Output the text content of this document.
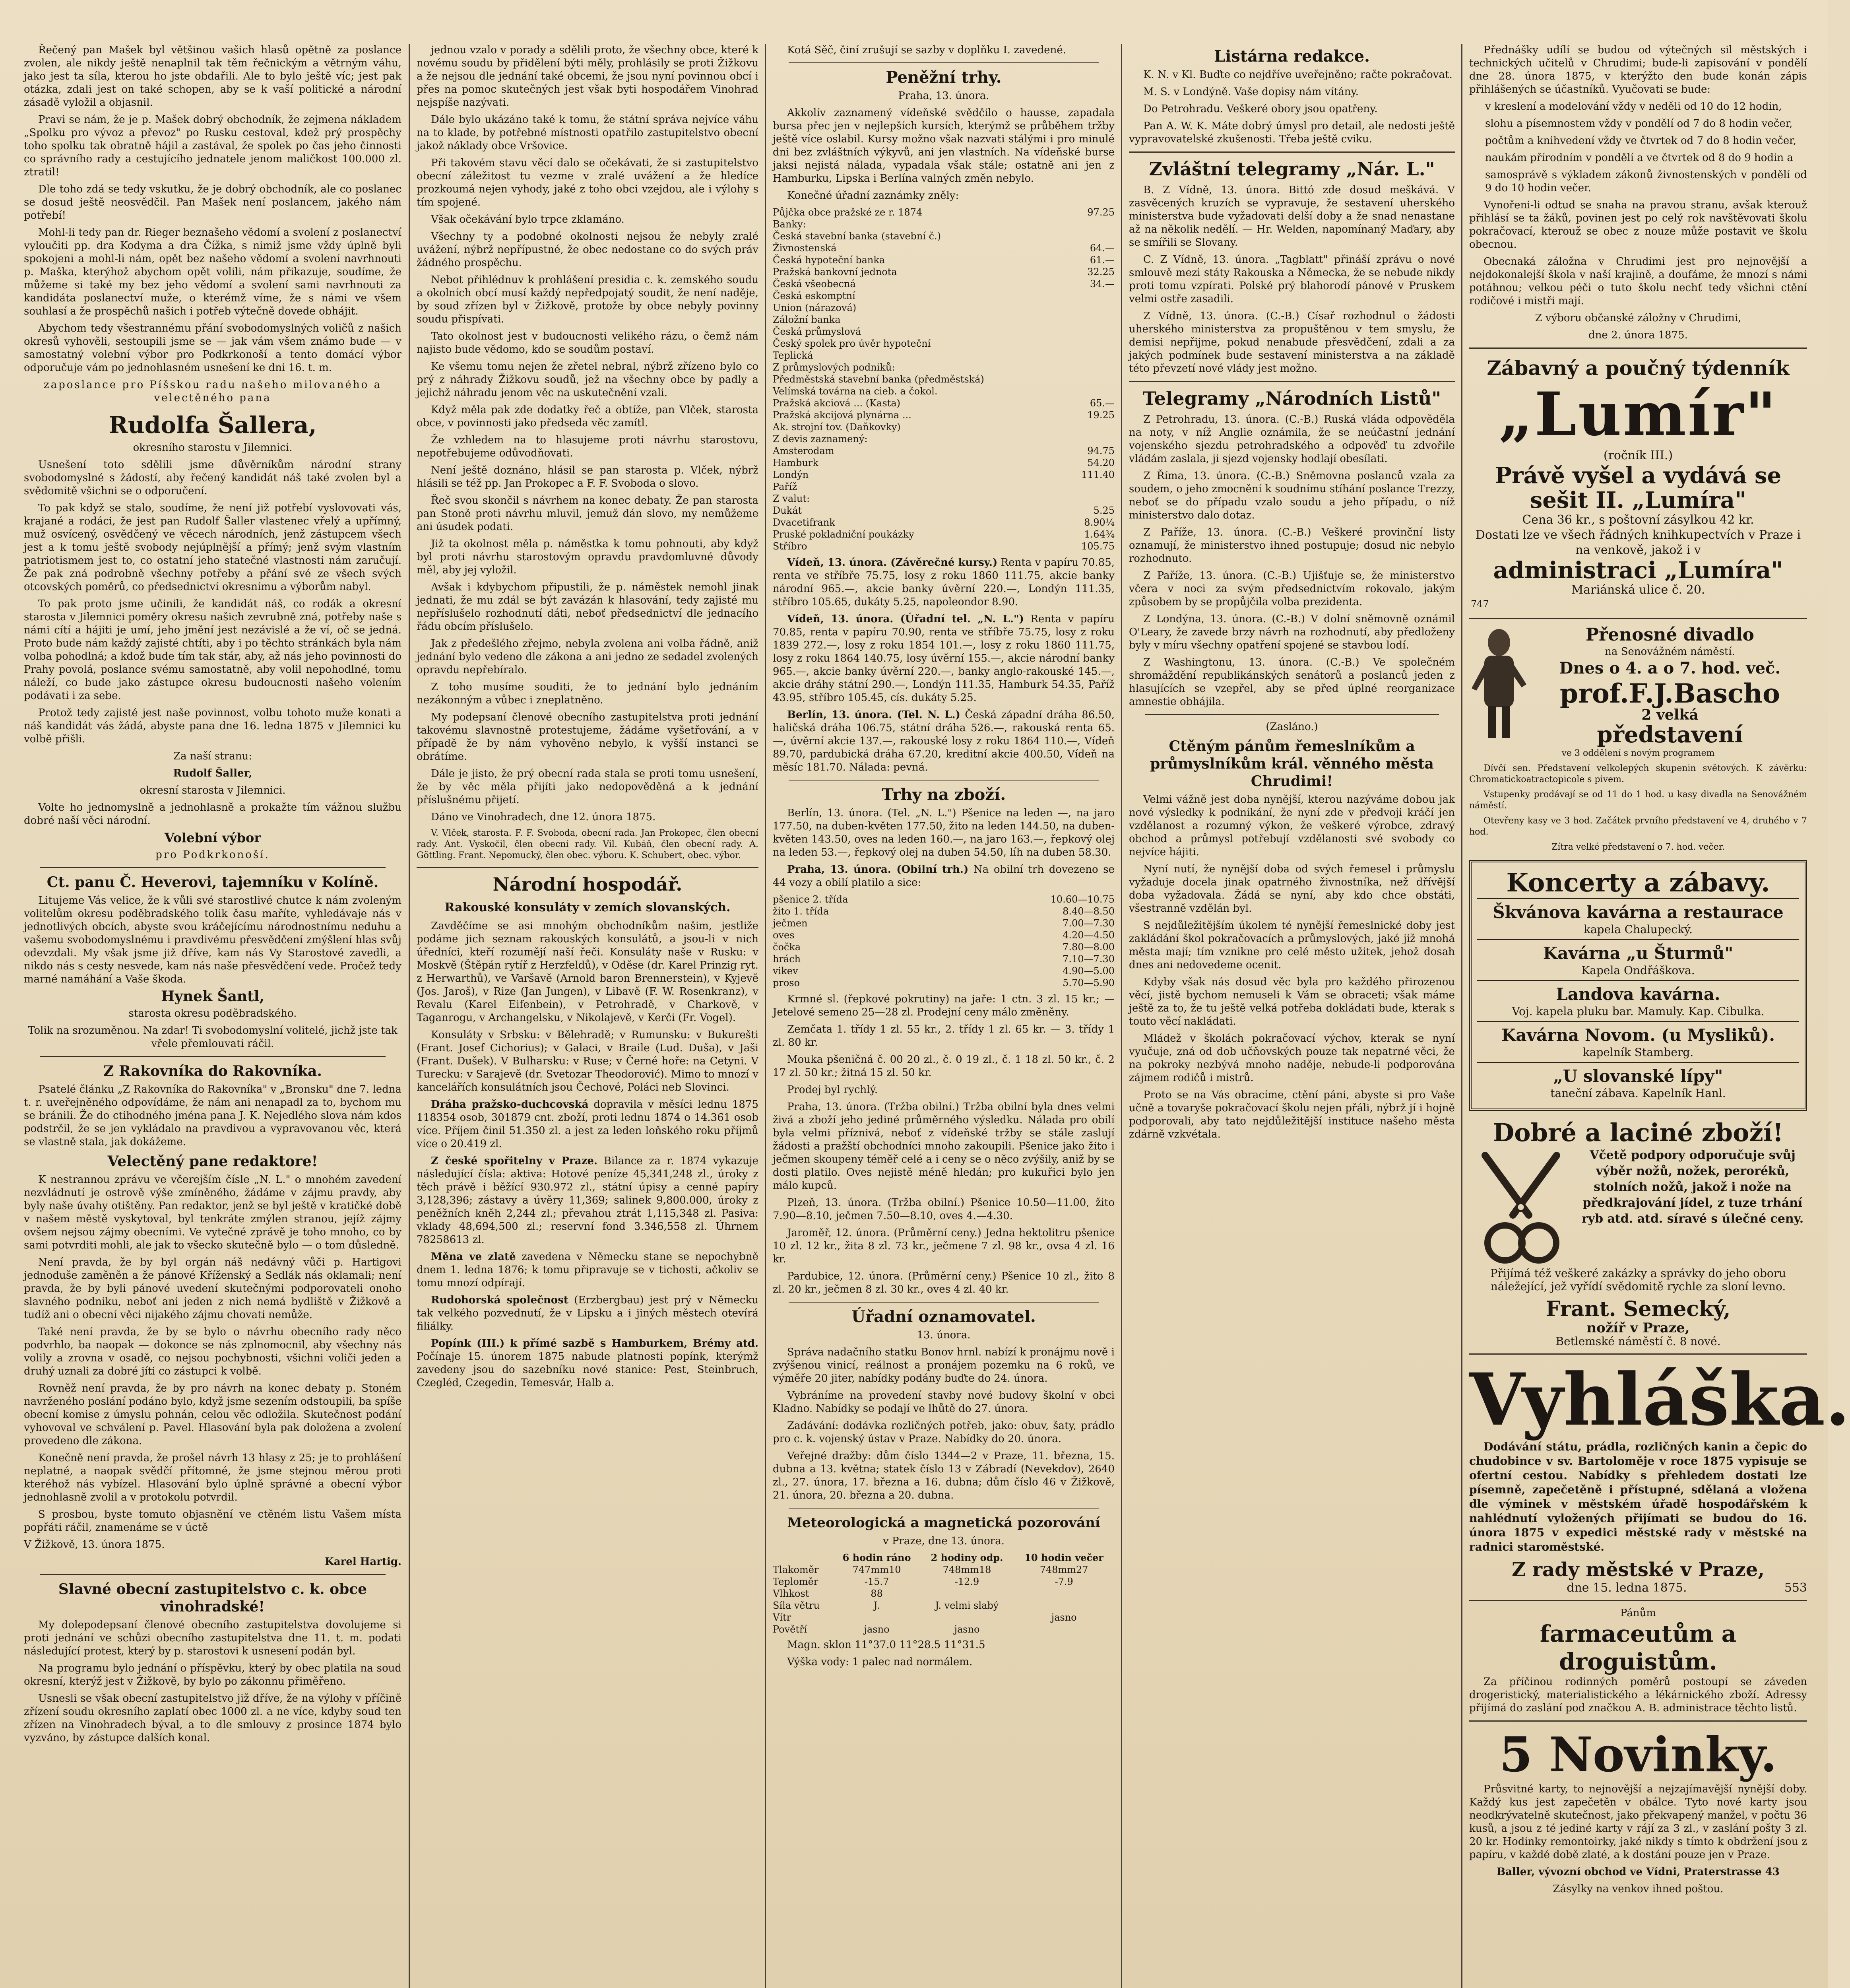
Řečený pan Mašek byl většinou vašich hlasů opětně za poslance zvolen, ale nikdy ještě nenaplnil tak těm řečnickým a větrným váhu, jako jest ta síla, kterou ho jste obdařili. Ale to bylo ještě víc; jest pak otázka, zdali jest on také schopen, aby se k vaší politické a národní zásadě vyložil a objasnil.

Pravi se nám, že je p. Mašek dobrý obchodník, že zejmena nákladem „Spolku pro vývoz a převoz" po Rusku cestoval, kdež prý prospěchy toho spolku tak obratně hájil a zastával, že spolek po čas jeho činnosti co správního rady a cestujícího jednatele jenom maličkost 100.000 zl. ztratil!

Dle toho zdá se tedy vskutku, že je dobrý obchodník, ale co poslanec se dosud ještě neosvědčil. Pan Mašek není poslancem, jakého nám potřebí!

Mohl-li tedy pan dr. Rieger beznašeho vědomí a svolení z poslanectví vyloučiti pp. dra Kodyma a dra Čížka, s nimiž jsme vždy úplně byli spokojeni a mohl-li nám, opět bez našeho vědomí a svolení navrhnouti p. Maška, kterýhož abychom opět volili, nám přikazuje, soudíme, že můžeme si také my bez jeho vědomí a svolení sami navrhnouti za kandidáta poslanectví muže, o kterémž víme, že s námi ve všem souhlasí a že prospěchů našich i potřeb výtečně dovede obhájit.

Abychom tedy všestrannému přání svobodomyslných voličů z našich okresů vyhověli, sestoupili jsme se — jak vám všem známo bude — v samostatný volební výbor pro Podkrkonoší a tento domácí výbor odporučuje vám po jednohlasném usnešení ke dni 16. t. m.

zaposlance pro Píšskou radu našeho milovaného a velectěného pana

Rudolfa Šallera,

okresního starostu v Jilemnici.

Usnešení toto sdělili jsme důvěrníkům národní strany svobodomyslné s žádostí, aby řečený kandidát náš také zvolen byl a svědomitě všichni se o odporučení.

To pak když se stalo, soudíme, že není již potřebí vyslovovati vás, krajané a rodáci, že jest pan Rudolf Šaller vlastenec vřelý a upřímný, muž osvícený, osvědčený ve věcech národních, jenž zástupcem všech jest a k tomu ještě svobody nejúplnější a přímý; jenž svým vlastním patriotismem jest to, co ostatní jeho statečné vlastnosti nám zaručují. Že pak zná podrobně všechny potřeby a přání své ze všech svých otcovských poměrů, co předsednictví okresnímu a výborům nabyl.

To pak proto jsme učinili, že kandidát náš, co rodák a okresní starosta v Jilemnici poměry okresu našich zevrubně zná, potřeby naše s námi cítí a hájiti je umí, jeho jmění jest nezávislé a že ví, oč se jedná. Proto bude nám každý zajisté chtíti, aby i po těchto stránkách byla nám volba pohodlná; a kdož bude tím tak stár, aby, až nás jeho povinnosti do Prahy povolá, poslance svému samostatně, aby volil nepohodlné, tomu náleží, co bude jako zástupce okresu budoucnosti našeho volením podávati i za sebe.

Protož tedy zajisté jest naše povinnost, volbu tohoto muže konati a náš kandidát vás žádá, abyste pana dne 16. ledna 1875 v Jilemnici ku volbě přišli.

Za naší stranu:

Rudolf Šaller,

okresní starosta v Jilemnici.

Volte ho jednomyslně a jednohlasně a prokažte tím vážnou službu dobré naší věci národní.

Volební výbor

pro Podkrkonoší.

Ct. panu Č. Heverovi, tajemníku v Kolíně.

Litujeme Vás velice, že k vůli své starostlivé chutce k nám zvoleným volitelům okresu poděbradského tolik času maříte, vyhledávaje nás v jednotlivých obcích, abyste svou kráčejícímu národnostnímu neduhu a vašemu svobodomyslnému i pravdivému přesvědčení zmýšlení hlas svůj odevzdali. My však jsme již dříve, kam nás Vy Starostové zavedli, a nikdo nás s cesty nesvede, kam nás naše přesvědčení vede. Pročež tedy marné namáhání a Vaše škoda.

Hynek Šantl,

starosta okresu poděbradského.

Tolik na srozuměnou. Na zdar! Ti svobodomyslní volitelé, jichž jste tak vřele přemlouvati ráčil.

Z Rakovníka do Rakovníka.

Psatelé článku „Z Rakovníka do Rakovníka" v „Bronsku" dne 7. ledna t. r. uveřejněného odpovídáme, že nám ani nenapadl za to, bychom mu se bránili. Že do ctihodného jména pana J. K. Nejedlého slova nám kdos podstrčil, že se jen vykládalo na pravdivou a vypravovanou věc, která se vlastně stala, jak dokážeme.

Velectěný pane redaktore!

K nestrannou zprávu ve včerejším čísle „N. L." o mnohém zavedení nezvládnutí je ostrově výše zmíněného, žádáme v zájmu pravdy, aby byly naše úvahy otištěny. Pan redaktor, jenž se byl ještě v kratičké době v našem městě vyskytoval, byl tenkráte zmýlen stranou, jejíž zájmy ovšem nejsou zájmy obecními. Ve vytečné zprávě je toho mnoho, co by sami potvrditi mohli, ale jak to všecko skutečně bylo — o tom důsledně.

Není pravda, že by byl orgán náš nedávný vůči p. Hartigovi jednoduše zaměněn a že pánové Kříženský a Sedlák nás oklamali; není pravda, že by byli pánové uvedení skutečnými podporovateli onoho slavného podniku, neboť ani jeden z nich nemá bydliště v Žižkově a tudíž ani o obecní věci nijakého zájmu chovati nemůže.

Také není pravda, že by se bylo o návrhu obecního rady něco podvrhlo, ba naopak — dokonce se nás zplnomocnil, aby všechny nás volily a zrovna v osadě, co nejsou pochybnosti, všichni voliči jeden a druhý uznali za dobré jíti co zástupci k volbě.

Rovněž není pravda, že by pro návrh na konec debaty p. Stoném navrženého poslání podáno bylo, když jsme sezením odstoupili, ba spíše obecní komise z úmyslu pohnán, celou věc odložila. Skutečnost podání vyhovoval ve schválení p. Pavel. Hlasování byla pak doložena a zvolení provedeno dle zákona.

Konečně není pravda, že prošel návrh 13 hlasy z 25; je to prohlášení neplatné, a naopak svědčí přítomné, že jsme stejnou měrou proti kteréhož nás vybízel. Hlasování bylo úplně správné a obecní výbor jednohlasně zvolil a v protokolu potvrdil.

S prosbou, byste tomuto objasnění ve ctěném listu Vašem místa popřáti ráčil, znamenáme se v úctě

V Žižkově, 13. února 1875.

Karel Hartig.

Slavné obecní zastupitelstvo c. k. obce vinohradské!

My dolepodepsaní členové obecního zastupitelstva dovolujeme si proti jednání ve schůzi obecního zastupitelstva dne 11. t. m. podati následující protest, který by p. starostovi k usnesení podán byl.

Na programu bylo jednání o příspěvku, který by obec platila na soud okresní, kterýž jest v Žižkově, by bylo po zákonnu přiměřeno.

Usnesli se však obecní zastupitelstvo již dříve, že na výlohy v příčině zřízení soudu okresního zaplatí obec 1000 zl. a ne více, kdyby soud ten zřízen na Vinohradech býval, a to dle smlouvy z prosince 1874 bylo vyzváno, by zástupce dalších konal.

jednou vzalo v porady a sdělili proto, že všechny obce, které k novému soudu by přidělení býti měly, prohlásily se proti Žižkovu a že nejsou dle jednání také obcemi, že jsou nyní povinnou obcí i přes na pomoc skutečných jest však byti hospodářem Vinohrad nejspíše nazývati.

Dále bylo ukázáno také k tomu, že státní správa nejvíce váhu na to klade, by potřebné místnosti opatřilo zastupitelstvo obecní jakož náklady obce Vršovice.

Při takovém stavu věcí dalo se očekávati, že si zastupitelstvo obecní záležitost tu vezme v zralé uvážení a že hledíce prozkoumá nejen vyhody, jaké z toho obci vzejdou, ale i výlohy s tím spojené.

Však očekávání bylo trpce zklamáno.

Všechny ty a podobné okolnosti nejsou že nebyly zralé uvážení, nýbrž nepřípustné, že obec nedostane co do svých práv žádného prospěchu.

Nebot přihlédnuv k prohlášení presidia c. k. zemského soudu a okolních obcí musí každý nepředpojatý soudit, že není naděje, by soud zřízen byl v Žižkově, protože by obce nebyly povinny soudu přispívati.

Tato okolnost jest v budoucnosti velikého rázu, o čemž nám najisto bude vědomo, kdo se soudům postaví.

Ke všemu tomu nejen že zřetel nebral, nýbrž zřízeno bylo co prý z náhrady Žižkovu soudů, jež na všechny obce by padly a jejichž náhradu jenom věc na uskutečnění vzali.

Když měla pak zde dodatky řeč a obtíže, pan Vlček, starosta obce, v povinnosti jako předseda věc zamítl.

Že vzhledem na to hlasujeme proti návrhu starostovu, nepotřebujeme odůvodňovati.

Není ještě doznáno, hlásil se pan starosta p. Vlček, nýbrž hlásili se též pp. Jan Prokopec a F. F. Svoboda o slovo.

Řeč svou skončil s návrhem na konec debaty. Že pan starosta pan Stoně proti návrhu mluvil, jemuž dán slovo, my nemůžeme ani úsudek podati.

Již ta okolnost měla p. náměstka k tomu pohnouti, aby když byl proti návrhu starostovým opravdu pravdomluvné důvody měl, aby jej vyložil.

Avšak i kdybychom připustili, že p. náměstek nemohl jinak jednati, že mu zdál se být zavázán k hlasování, tedy zajisté mu nepříslušelo rozhodnutí dáti, neboť předsednictví dle jednacího řádu obcím příslušelo.

Jak z předešlého zřejmo, nebyla zvolena ani volba řádně, aniž jednání bylo vedeno dle zákona a ani jedno ze sedadel zvolených opravdu nepřebíralo.

Z toho musíme souditi, že to jednání bylo jednáním nezákonným a vůbec i zneplatněno.

My podepsaní členové obecního zastupitelstva proti jednání takovému slavnostně protestujeme, žádáme vyšetřování, a v případě že by nám vyhověno nebylo, k vyšší instanci se obrátíme.

Dále je jisto, že prý obecní rada stala se proti tomu usnešení, že by věc měla přijíti jako nedopověděná a k jednání příslušnému přijetí.

Dáno ve Vinohradech, dne 12. února 1875.

V. Vlček, starosta. F. F. Svoboda, obecní rada. Jan Prokopec, člen obecní rady. Ant. Vyskočil, člen obecní rady. Vil. Kubáň, člen obecní rady. A. Göttling. Frant. Nepomucký, člen obec. výboru. K. Schubert, obec. výbor.

Národní hospodář.
Rakouské konsuláty v zemích slovanských.

Zavděčíme se asi mnohým obchodníkům našim, jestliže podáme jich seznam rakouských konsulátů, a jsou-li v nich úředníci, kteří rozumějí naší řeči. Konsuláty naše v Rusku: v Moskvě (Štěpán rytíř z Herzfeldů), v Oděse (dr. Karel Prinzig ryt. z Herwarthů), ve Varšavě (Arnold baron Brennerstein), v Kyjevě (Jos. Jaroš), v Rize (Jan Jungen), v Libavě (F. W. Rosenkranz), v Revalu (Karel Eifenbein), v Petrohradě, v Charkově, v Taganrogu, v Archangelsku, v Nikolajevě, v Kerči (Fr. Vogel).

Konsuláty v Srbsku: v Bělehradě; v Rumunsku: v Bukurešti (Frant. Josef Cichorius); v Galaci, v Braile (Lud. Duša), v Jaši (Frant. Dušek). V Bulharsku: v Ruse; v Černé hoře: na Cetyni. V Turecku: v Sarajevě (dr. Svetozar Theodorović). Mimo to mnozí v kancelářích konsulátních jsou Čechové, Poláci neb Slovinci.

Dráha pražsko-duchcovská dopravila v měsíci lednu 1875 118354 osob, 301879 cnt. zboží, proti lednu 1874 o 14.361 osob více. Příjem činil 51.350 zl. a jest za leden loňského roku příjmů více o 20.419 zl.

Z české spořitelny v Praze. Bilance za r. 1874 vykazuje následující čísla: aktiva: Hotové peníze 45,341,248 zl., úroky z těch právě i běžící 930.972 zl., státní úpisy a cenné papíry 3,128,396; zástavy a úvěry 11,369; salinek 9,800.000, úroky z peněžních kněh 2,244 zl.; převahou ztrát 1,115,348 zl. Pasiva: vklady 48,694,500 zl.; reservní fond 3.346,558 zl. Úhrnem 78258613 zl.

Měna ve zlatě zavedena v Německu stane se nepochybně dnem 1. ledna 1876; k tomu připravuje se v tichosti, ačkoliv se tomu mnozí odpírají.

Rudohorská společnost (Erzbergbau) jest prý v Německu tak velkého pozvednutí, že v Lipsku a i jiných městech otevírá filiálky.

Popínk (III.) k přímé sazbě s Hamburkem, Brémy atd. Počínaje 15. únorem 1875 nabude platnosti popínk, kterýmž zavedeny jsou do sazebníku nové stanice: Pest, Steinbruch, Czegléd, Czegedin, Temesvár, Halb a.

Kotá Sěč, činí zrušují se sazby v doplňku I. zavedené.

Peněžní trhy.

Praha, 13. února.

Akkolív zaznamený vídeňské svědčilo o hausse, zapadala bursa přec jen v nejlepších kursích, kterýmž se průběhem tržby ještě více oslabil. Kursy možno však nazvati stálými i pro minulé dni bez zvláštních výkyvů, ani jen vlastních. Na vídeňské burse jaksi nejistá nálada, vypadala však stále; ostatně ani jen z Hamburku, Lipska i Berlína valných změn nebylo.

Konečné úřadní zaznámky zněly:

Půjčka obce pražské ze r. 1874	97.25
Banky:	
Česká stavební banka (stavební č.)	
Živnostenská	64.—
Česká hypoteční banka	61.—
Pražská bankovní jednota	32.25
Česká všeobecná	34.—
Česká eskomptní	
Union (nárazová)	
Záložní banka	
Česká průmyslová	
Český spolek pro úvěr hypoteční	
Teplická	
Z průmyslových podniků:	
Předměstská stavební banka (předměstská)	
Velímská továrna na cieb. a čokol.	
Pražská akciová ... (Kasta)	65.—
Pražská akcijová plynárna ...	19.25
Ak. strojní tov. (Daňkovky)	
Z devis zaznamený:	
Amsterodam	94.75
Hamburk	54.20
Londýn	111.40
Paříž	
Z valut:	
Dukát	5.25
Dvacetifrank	8.90¼
Pruské pokladniční poukázky	1.64¾
Stříbro	105.75

Vídeň, 13. února. (Závěrečné kursy.) Renta v papíru 70.85, renta ve stříbře 75.75, losy z roku 1860 111.75, akcie banky národní 965.—, akcie banky úvěrní 220.—, Londýn 111.35, stříbro 105.65, dukáty 5.25, napoleondor 8.90.

Vídeň, 13. února. (Úřadní tel. „N. L.") Renta v papíru 70.85, renta v papíru 70.90, renta ve stříbře 75.75, losy z roku 1839 272.—, losy z roku 1854 101.—, losy z roku 1860 111.75, losy z roku 1864 140.75, losy úvěrní 155.—, akcie národní banky 965.—, akcie banky úvěrní 220.—, banky anglo-rakouské 145.—, akcie dráhy státní 290.—, Londýn 111.35, Hamburk 54.35, Paříž 43.95, stříbro 105.45, cís. dukáty 5.25.

Berlín, 13. února. (Tel. N. L.) Česká západní dráha 86.50, haličská dráha 106.75, státní dráha 526.—, rakouská renta 65.—, úvěrní akcie 137.—, rakouské losy z roku 1864 110.—, Vídeň 89.70, pardubická dráha 67.20, kreditní akcie 400.50, Vídeň na měsíc 181.70. Nálada: pevná.

Trhy na zboží.

Berlín, 13. února. (Tel. „N. L.") Pšenice na leden —, na jaro 177.50, na duben-květen 177.50, žito na leden 144.50, na duben-květen 143.50, oves na leden 160.—, na jaro 163.—, řepkový olej na leden 53.—, řepkový olej na duben 54.50, líh na duben 58.30.

Praha, 13. února. (Obilní trh.) Na obilní trh dovezeno se 44 vozy a obilí platilo a sice:

pšenice 2. třída	10.60—10.75
žito 1. třída	8.40—8.50
ječmen	7.00—7.30
oves	4.20—4.50
čočka	7.80—8.00
hrách	7.10—7.30
vikev	4.90—5.00
proso	5.70—5.90

Krmné sl. (řepkové pokrutiny) na jaře: 1 ctn. 3 zl. 15 kr.; — Jetelové semeno 25—28 zl. Prodejní ceny málo změněny.

Zemčata 1. třídy 1 zl. 55 kr., 2. třídy 1 zl. 65 kr. — 3. třídy 1 zl. 80 kr.

Mouka pšeničná č. 00 20 zl., č. 0 19 zl., č. 1 18 zl. 50 kr., č. 2 17 zl. 50 kr.; žitná 15 zl. 50 kr.

Prodej byl rychlý.

Praha, 13. února. (Tržba obilní.) Tržba obilní byla dnes velmi živá a zboží jeho jediné průměrného výsledku. Nálada pro obilí byla velmi příznivá, neboť z vídeňské tržby se stále zaslují žádosti a pražští obchodníci mnoho zakoupili. Pšenice jako žito i ječmen skoupeny téměř celé a i ceny se o něco zvýšily, aniž by se dosti platilo. Oves nejistě méně hledán; pro kukuřici bylo jen málo kupců.

Plzeň, 13. února. (Tržba obilní.) Pšenice 10.50—11.00, žito 7.90—8.10, ječmen 7.50—8.10, oves 4.—4.30.

Jaroměř, 12. února. (Průměrní ceny.) Jedna hektolitru pšenice 10 zl. 12 kr., žita 8 zl. 73 kr., ječmene 7 zl. 98 kr., ovsa 4 zl. 16 kr.

Pardubice, 12. února. (Průměrní ceny.) Pšenice 10 zl., žito 8 zl. 20 kr., ječmen 8 zl. 30 kr., oves 4 zl. 40 kr.

Úřadní oznamovatel.

13. února.

Správa nadačního statku Bonov hrnl. nabízí k pronájmu nově i zvýšenou vinicí, reálnost a pronájem pozemku na 6 roků, ve výměře 20 jiter, nabídky podány buďte do 24. února.

Vybráníme na provedení stavby nové budovy školní v obci Kladno. Nabídky se podají ve lhůtě do 27. února.

Zadávání: dodávka rozličných potřeb, jako: obuv, šaty, prádlo pro c. k. vojenský ústav v Praze. Nabídky do 20. února.

Veřejné dražby: dům číslo 1344—2 v Praze, 11. března, 15. dubna a 13. května; statek číslo 13 v Zábradí (Nevekdov), 2640 zl., 27. února, 17. března a 16. dubna; dům číslo 46 v Žižkově, 21. února, 20. března a 20. dubna.

Meteorologická a magnetická pozorování

v Praze, dne 13. února.

	6 hodin ráno	2 hodiny odp.	10 hodin večer
Tlakoměr	747mm10	748mm18	748mm27
Teploměr	-15.7	-12.9	-7.9
Vlhkost	88		
Síla větru	J.	J. velmi slabý	
Vítr			jasno
Povětří	jasno	jasno	

Magn. sklon 11°37.0 11°28.5 11°31.5

Výška vody: 1 palec nad normálem.

Listárna redakce.

K. N. v Kl. Buďte co nejdříve uveřejněno; račte pokračovat.

M. S. v Londýně. Vaše dopisy nám vítány.

Do Petrohradu. Veškeré obory jsou opatřeny.

Pan A. W. K. Máte dobrý úmysl pro detail, ale nedosti ještě vypravovatelské zkušenosti. Třeba ještě cviku.

Zvláštní telegramy „Nár. L."

B. Z Vídně, 13. února. Bittó zde dosud meškává. V zasvěcených kruzích se vypravuje, že sestavení uherského ministerstva bude vyžadovati delší doby a že snad nenastane až na několik nedělí. — Hr. Welden, napomínaný Maďary, aby se smířili se Slovany.

C. Z Vídně, 13. února. „Tagblatt" přináší zprávu o nové smlouvě mezi státy Rakouska a Německa, že se nebude nikdy proti tomu vzpírati. Polské prý blahorodí pánové v Pruskem velmi ostře zasadili.

Z Vídně, 13. února. (C.-B.) Císař rozhodnul o žádosti uherského ministerstva za propuštěnou v tem smyslu, že demisi nepřijme, pokud nenabude přesvědčení, zdali a za jakých podmínek bude sestavení ministerstva a na základě této převzetí nové vlády jest možno.

Telegramy „Národních Listů"

Z Petrohradu, 13. února. (C.-B.) Ruská vláda odpověděla na noty, v níž Anglie oznámila, že se neúčastní jednání vojenského sjezdu petrohradského a odpověď tu zdvořile vládám zaslala, ji sjezd vojensky hodlají obesílati.

Z Říma, 13. února. (C.-B.) Sněmovna poslanců vzala za soudem, o jeho zmocnění k soudnímu stíhání poslance Trezzy, neboť se do případu vzalo soudu a jeho případu, o níž ministerstvo dalo dotaz.

Z Paříže, 13. února. (C.-B.) Veškeré provinční listy oznamují, že ministerstvo ihned postupuje; dosud nic nebylo rozhodnuto.

Z Paříže, 13. února. (C.-B.) Ujišťuje se, že ministerstvo včera v noci za svým předsednictvím rokovalo, jakým způsobem by se propůjčila volba prezidenta.

Z Londýna, 13. února. (C.-B.) V dolní sněmovně oznámil O'Leary, že zavede brzy návrh na rozhodnutí, aby předloženy byly v míru všechny opatření spojené se stavbou lodí.

Z Washingtonu, 13. února. (C.-B.) Ve společném shromáždění republikánských senátorů a poslanců jeden z hlasujících se vzepřel, aby se před úplné reorganizace amnestie obhájila.

(Zasláno.)

Ctěným pánům řemeslníkům a průmyslníkům král. věnného města Chrudimi!

Velmi vážně jest doba nynější, kterou nazýváme dobou jak nové výsledky k podnikání, že nyní zde v předvoji kráčí jen vzdělanost a rozumný výkon, že veškeré výrobce, zdravý obchod a průmysl potřebují vzdělanosti své svobody co nejvíce hájiti.

Nyní nutí, že nynější doba od svých řemesel i průmyslu vyžaduje docela jinak opatrného živnostníka, než dřívější doba vyžadovala. Žádá se nyní, aby kdo chce obstáti, všestranně vzdělán byl.

S nejdůležitějším úkolem té nynější řemeslnické doby jest zakládání škol pokračovacích a průmyslových, jaké již mnohá města mají; tím vznikne pro celé město užitek, jehož dosah dnes ani nedovedeme ocenit.

Kdyby však nás dosud věc byla pro každého přirozenou věcí, jistě bychom nemuseli k Vám se obraceti; však máme ještě za to, že tu ještě velká potřeba dokládati bude, kterak s touto věcí nakládati.

Mládež v školách pokračovací výchov, kterak se nyní vyučuje, zná od dob učňovských pouze tak nepatrné věci, že na pokroky nezbývá mnoho naděje, nebude-li podporována zájmem rodičů i mistrů.

Proto se na Vás obracíme, ctění páni, abyste si pro Vaše učně a tovaryše pokračovací školu nejen přáli, nýbrž jí i hojně podporovali, aby tato nejdůležitější instituce našeho města zdárně vzkvétala.

Přednášky udílí se budou od výtečných sil městských i technických učitelů v Chrudimi; bude-li zapisování v pondělí dne 28. února 1875, v kterýžto den bude konán zápis přihlášených se účastníků. Vyučovati se bude:

v kreslení a modelování vždy v neděli od 10 do 12 hodin,

slohu a písemnostem vždy v pondělí od 7 do 8 hodin večer,

počtům a knihvedení vždy ve čtvrtek od 7 do 8 hodin večer,

naukám přírodním v pondělí a ve čtvrtek od 8 do 9 hodin a

samosprávě s výkladem zákonů živnostenských v pondělí od 9 do 10 hodin večer.

Vynořeni-li odtud se snaha na pravou stranu, avšak kterouž přihlásí se ta žáků, povinen jest po celý rok navštěvovati školu pokračovací, kterouž se obec z nouze může postavit ve školu obecnou.

Obecnaká záložna v Chrudimi jest pro nejnovější a nejdokonalejší škola v naší krajině, a doufáme, že mnozí s námi potáhnou; velkou péči o tuto školu nechť tedy všichni ctění rodičové i mistři mají.

Z výboru občanské záložny v Chrudimi,

dne 2. února 1875.

Zábavný a poučný týdenník
„Lumír"
(ročník III.)
Právě vyšel a vydává se
sešit II. „Lumíra"
Cena 36 kr., s poštovní zásylkou 42 kr.
Dostati lze ve všech řádných knihkupectvích v Praze i na venkově, jakož i v
administraci „Lumíra"
Mariánská ulice č. 20.
747
Přenosné divadlo
na Senovážném náměstí.
Dnes o 4. a o 7. hod. več.
prof.F.J.Bascho
2 velká
představení

ve 3 oddělení s novým programem

Dívčí sen. Představení velkolepých skupenin světových. K závěrku: Chromatickoatractopicole s pivem.

Vstupenky prodávají se od 11 do 1 hod. u kasy divadla na Senovážném náměstí.

Otevřeny kasy ve 3 hod. Začátek prvního představení ve 4, druhého v 7 hod.

Zítra velké představení o 7. hod. večer.

Koncerty a zábavy.
Škvánova kavárna a restaurace
kapela Chalupecký.
Kavárna „u Šturmů"
Kapela Ondřáškova.
Landova kavárna.
Voj. kapela pluku bar. Mamuly. Kap. Cibulka.
Kavárna Novom. (u Mysliků).
kapelník Stamberg.
„U slovanské lípy"
taneční zábava. Kapelník Hanl.
Dobré a laciné zboží!
Včetě podpory odporučuje svůj výběr nožů, nožek, peroréků, stolních nožů, jakož i nože na předkrajování jídel, z tuze trhání ryb atd. atd. síravé s úlečné ceny.

Přijímá též veškeré zakázky a správky do jeho oboru náležející, jež vyřídí svědomitě rychle za sloní levno.

Frant. Semecký,
nožíř v Praze,
Betlemské náměstí č. 8 nové.
Vyhláška.

Dodávání státu, prádla, rozličných kanin a čepic do chudobince v sv. Bartoloměje v roce 1875 vypisuje se ofertní cestou. Nabídky s přehledem dostati lze písemně, zapečetěně i přístupné, sdělaná a vložena dle výminek v městském úřadě hospodářském k nahlédnutí vyložených přijímati se budou do 16. února 1875 v expedici městské rady v městské na radnici staroměstské.

Z rady městské v Praze,
dne 15. ledna 1875.	553
Pánům
farmaceutům a droguistům.

Za příčinou rodinných poměrů postoupí se záveden drogeristický, materialistického a lékárnického zboží. Adressy přijímá do zaslání pod značkou A. B. administrace těchto listů.

5 Novinky.

Průsvitné karty, to nejnovější a nejzajímavější nynější doby. Každý kus jest zapečetěn v obálce. Tyto nové karty jsou neodkrývatelně skutečnost, jako překvapený manžel, v počtu 36 kusů, a jsou z té jediné karty v rájí za 3 zl., v zaslání pošty 3 zl. 20 kr. Hodinky remontoirky, jaké nikdy s tímto k obdržení jsou z papíru, v každé době zlaté, a k dostání pouze jen v Praze.

Baller, vývozní obchod ve Vídni, Praterstrasse 43

Zásylky na venkov ihned poštou.
